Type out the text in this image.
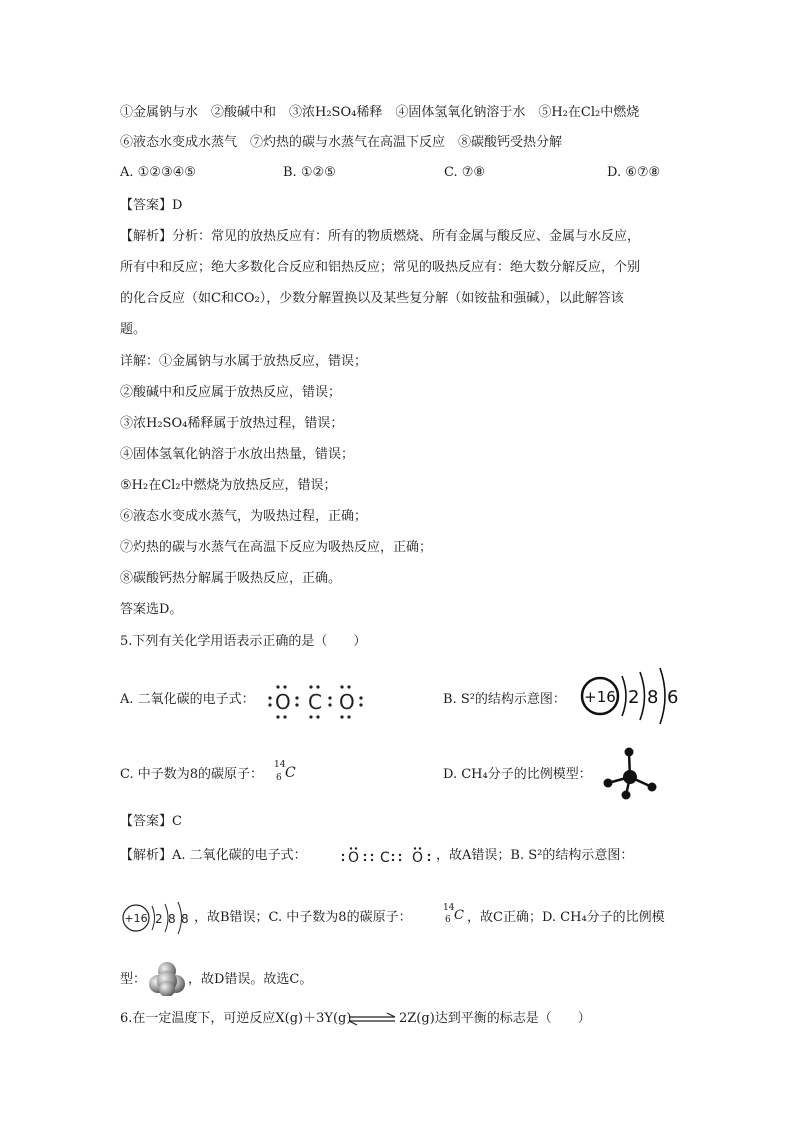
①金属钠与水　②酸碱中和　③浓H₂SO₄稀释　④固体氢氧化钠溶于水　⑤H₂在Cl₂中燃烧
⑥液态水变成水蒸气　⑦灼热的碳与水蒸气在高温下反应　⑧碳酸钙受热分解
A. ①②③④⑤	B. ①②⑤	C. ⑦⑧	D. ⑥⑦⑧
【答案】D
【解析】分析：常见的放热反应有：所有的物质燃烧、所有金属与酸反应、金属与水反应，
所有中和反应；绝大多数化合反应和铝热反应；常见的吸热反应有：绝大数分解反应，个别
的化合反应（如C和CO₂），少数分解置换以及某些复分解（如铵盐和强碱），以此解答该
题。
详解：①金属钠与水属于放热反应，错误；
②酸碱中和反应属于放热反应，错误；
③浓H₂SO₄稀释属于放热过程，错误；
④固体氢氧化钠溶于水放出热量，错误；
⑤H₂在Cl₂中燃烧为放热反应，错误；
⑥液态水变成水蒸气，为吸热过程，正确；
⑦灼热的碳与水蒸气在高温下反应为吸热反应，正确；
⑧碳酸钙热分解属于吸热反应，正确。
答案选D。
5.下列有关化学用语表示正确的是（　　）
A. 二氧化碳的电子式： O C O	B. S²的结构示意图： +16 2 8 6
C. 中子数为8的碳原子：
14
6 C	D. CH₄分子的比例模型：
【答案】C
【解析】A. 二氧化碳的电子式：	O C O ，故A错误；B. S²的结构示意图：
+16 2 8 8 ，故B错误；C. 中子数为8的碳原子：
14
6 C ，故C正确；D. CH₄分子的比例模
型：	，故D错误。故选C。
6.在一定温度下，可逆反应X(g)＋3Y(g) ⇌ 2Z(g)达到平衡的标志是（　　）
